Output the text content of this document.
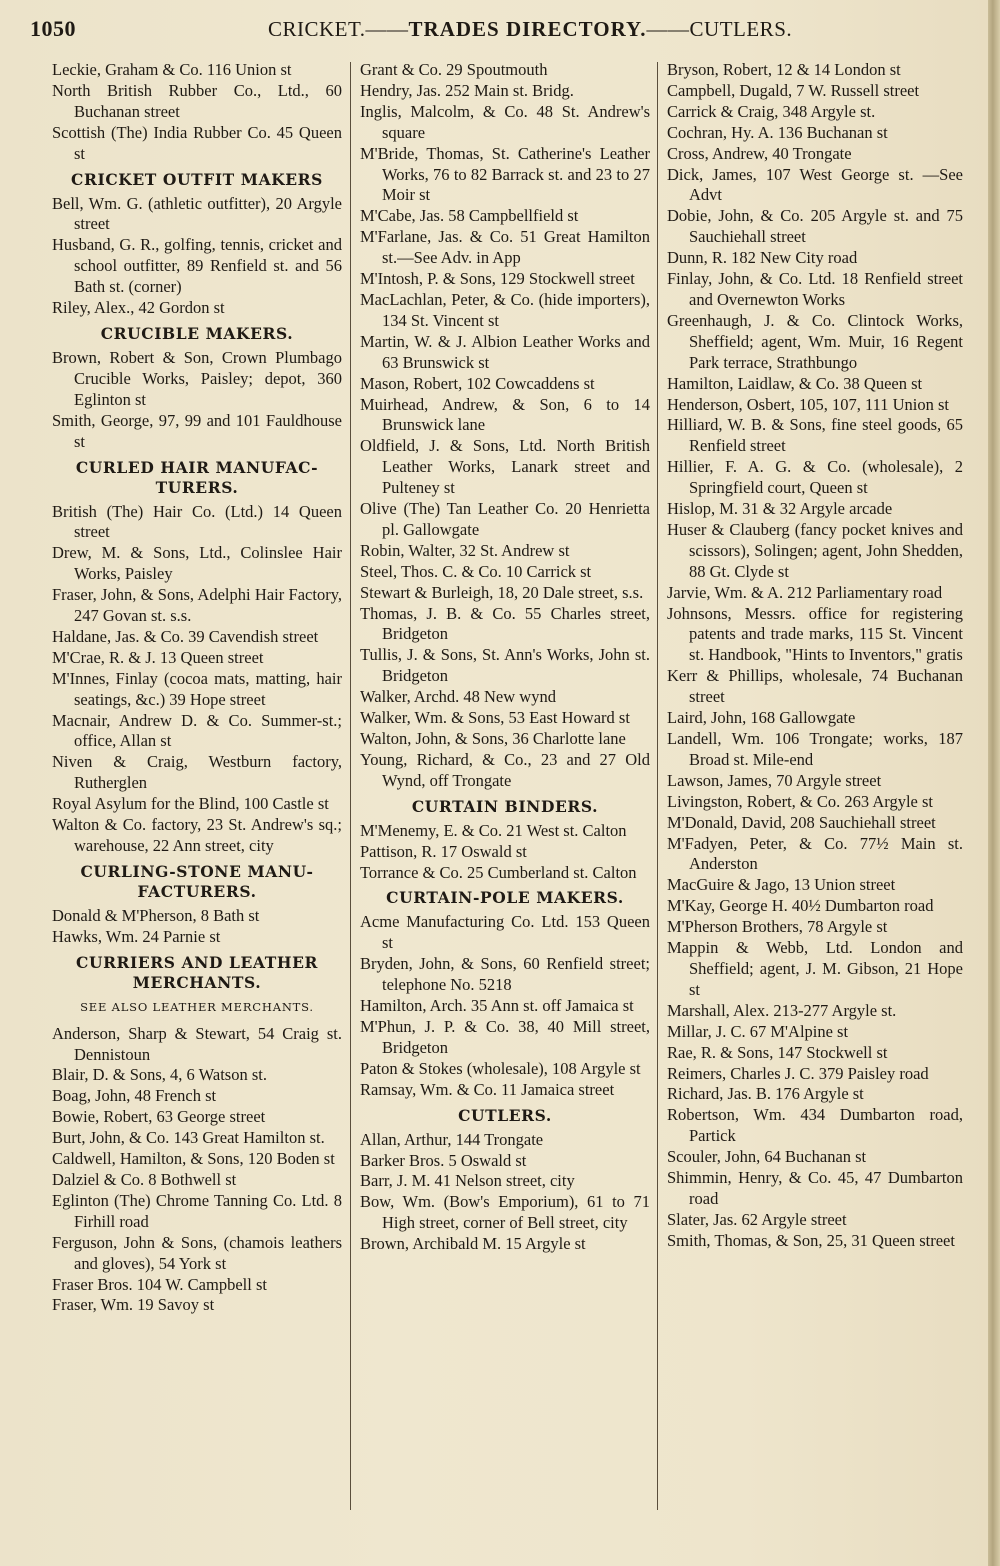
1050	CRICKET.——TRADES DIRECTORY.——CUTLERS.

Leckie, Graham & Co. 116 Union st

North British Rubber Co., Ltd., 60 Buchanan street

Scottish (The) India Rubber Co. 45 Queen st

CRICKET OUTFIT MAKERS

Bell, Wm. G. (athletic outfitter), 20 Argyle street

Husband, G. R., golfing, tennis, cricket and school outfitter, 89 Renfield st. and 56 Bath st. (corner)

Riley, Alex., 42 Gordon st

CRUCIBLE MAKERS.

Brown, Robert & Son, Crown Plumbago Crucible Works, Paisley; depot, 360 Eglinton st

Smith, George, 97, 99 and 101 Fauldhouse st

CURLED HAIR MANUFAC- TURERS.

British (The) Hair Co. (Ltd.) 14 Queen street

Drew, M. & Sons, Ltd., Colinslee Hair Works, Paisley

Fraser, John, & Sons, Adelphi Hair Factory, 247 Govan st. s.s.

Haldane, Jas. & Co. 39 Cavendish street

M'Crae, R. & J. 13 Queen street

M'Innes, Finlay (cocoa mats, matting, hair seatings, &c.) 39 Hope street

Macnair, Andrew D. & Co. Summer-st.; office, Allan st

Niven & Craig, Westburn factory, Rutherglen

Royal Asylum for the Blind, 100 Castle st

Walton & Co. factory, 23 St. Andrew's sq.; warehouse, 22 Ann street, city

CURLING-STONE MANU- FACTURERS.

Donald & M'Pherson, 8 Bath st

Hawks, Wm. 24 Parnie st

CURRIERS AND LEATHER MERCHANTS.

SEE ALSO LEATHER MERCHANTS.

Anderson, Sharp & Stewart, 54 Craig st. Dennistoun

Blair, D. & Sons, 4, 6 Watson st.

Boag, John, 48 French st

Bowie, Robert, 63 George street

Burt, John, & Co. 143 Great Hamilton st.

Caldwell, Hamilton, & Sons, 120 Boden st

Dalziel & Co. 8 Bothwell st

Eglinton (The) Chrome Tanning Co. Ltd. 8 Firhill road

Ferguson, John & Sons, (chamois leathers and gloves), 54 York st

Fraser Bros. 104 W. Campbell st

Fraser, Wm. 19 Savoy st

Grant & Co. 29 Spoutmouth

Hendry, Jas. 252 Main st. Bridg.

Inglis, Malcolm, & Co. 48 St. Andrew's square

M'Bride, Thomas, St. Catherine's Leather Works, 76 to 82 Barrack st. and 23 to 27 Moir st

M'Cabe, Jas. 58 Campbellfield st

M'Farlane, Jas. & Co. 51 Great Hamilton st.—See Adv. in App

M'Intosh, P. & Sons, 129 Stockwell street

MacLachlan, Peter, & Co. (hide importers), 134 St. Vincent st

Martin, W. & J. Albion Leather Works and 63 Brunswick st

Mason, Robert, 102 Cowcaddens st

Muirhead, Andrew, & Son, 6 to 14 Brunswick lane

Oldfield, J. & Sons, Ltd. North British Leather Works, Lanark street and Pulteney st

Olive (The) Tan Leather Co. 20 Henrietta pl. Gallowgate

Robin, Walter, 32 St. Andrew st

Steel, Thos. C. & Co. 10 Carrick st

Stewart & Burleigh, 18, 20 Dale street, s.s.

Thomas, J. B. & Co. 55 Charles street, Bridgeton

Tullis, J. & Sons, St. Ann's Works, John st. Bridgeton

Walker, Archd. 48 New wynd

Walker, Wm. & Sons, 53 East Howard st

Walton, John, & Sons, 36 Charlotte lane

Young, Richard, & Co., 23 and 27 Old Wynd, off Trongate

CURTAIN BINDERS.

M'Menemy, E. & Co. 21 West st. Calton

Pattison, R. 17 Oswald st

Torrance & Co. 25 Cumberland st. Calton

CURTAIN-POLE MAKERS.

Acme Manufacturing Co. Ltd. 153 Queen st

Bryden, John, & Sons, 60 Renfield street; telephone No. 5218

Hamilton, Arch. 35 Ann st. off Jamaica st

M'Phun, J. P. & Co. 38, 40 Mill street, Bridgeton

Paton & Stokes (wholesale), 108 Argyle st

Ramsay, Wm. & Co. 11 Jamaica street

CUTLERS.

Allan, Arthur, 144 Trongate

Barker Bros. 5 Oswald st

Barr, J. M. 41 Nelson street, city

Bow, Wm. (Bow's Emporium), 61 to 71 High street, corner of Bell street, city

Brown, Archibald M. 15 Argyle st

Bryson, Robert, 12 & 14 London st

Campbell, Dugald, 7 W. Russell street

Carrick & Craig, 348 Argyle st.

Cochran, Hy. A. 136 Buchanan st

Cross, Andrew, 40 Trongate

Dick, James, 107 West George st. —See Advt

Dobie, John, & Co. 205 Argyle st. and 75 Sauchiehall street

Dunn, R. 182 New City road

Finlay, John, & Co. Ltd. 18 Renfield street and Overnewton Works

Greenhaugh, J. & Co. Clintock Works, Sheffield; agent, Wm. Muir, 16 Regent Park terrace, Strathbungo

Hamilton, Laidlaw, & Co. 38 Queen st

Henderson, Osbert, 105, 107, 111 Union st

Hilliard, W. B. & Sons, fine steel goods, 65 Renfield street

Hillier, F. A. G. & Co. (wholesale), 2 Springfield court, Queen st

Hislop, M. 31 & 32 Argyle arcade

Huser & Clauberg (fancy pocket knives and scissors), Solingen; agent, John Shedden, 88 Gt. Clyde st

Jarvie, Wm. & A. 212 Parliamentary road

Johnsons, Messrs. office for registering patents and trade marks, 115 St. Vincent st. Handbook, "Hints to Inventors," gratis

Kerr & Phillips, wholesale, 74 Buchanan street

Laird, John, 168 Gallowgate

Landell, Wm. 106 Trongate; works, 187 Broad st. Mile-end

Lawson, James, 70 Argyle street

Livingston, Robert, & Co. 263 Argyle st

M'Donald, David, 208 Sauchiehall street

M'Fadyen, Peter, & Co. 77½ Main st. Anderston

MacGuire & Jago, 13 Union street

M'Kay, George H. 40½ Dumbarton road

M'Pherson Brothers, 78 Argyle st

Mappin & Webb, Ltd. London and Sheffield; agent, J. M. Gibson, 21 Hope st

Marshall, Alex. 213-277 Argyle st.

Millar, J. C. 67 M'Alpine st

Rae, R. & Sons, 147 Stockwell st

Reimers, Charles J. C. 379 Paisley road

Richard, Jas. B. 176 Argyle st

Robertson, Wm. 434 Dumbarton road, Partick

Scouler, John, 64 Buchanan st

Shimmin, Henry, & Co. 45, 47 Dumbarton road

Slater, Jas. 62 Argyle street

Smith, Thomas, & Son, 25, 31 Queen street
